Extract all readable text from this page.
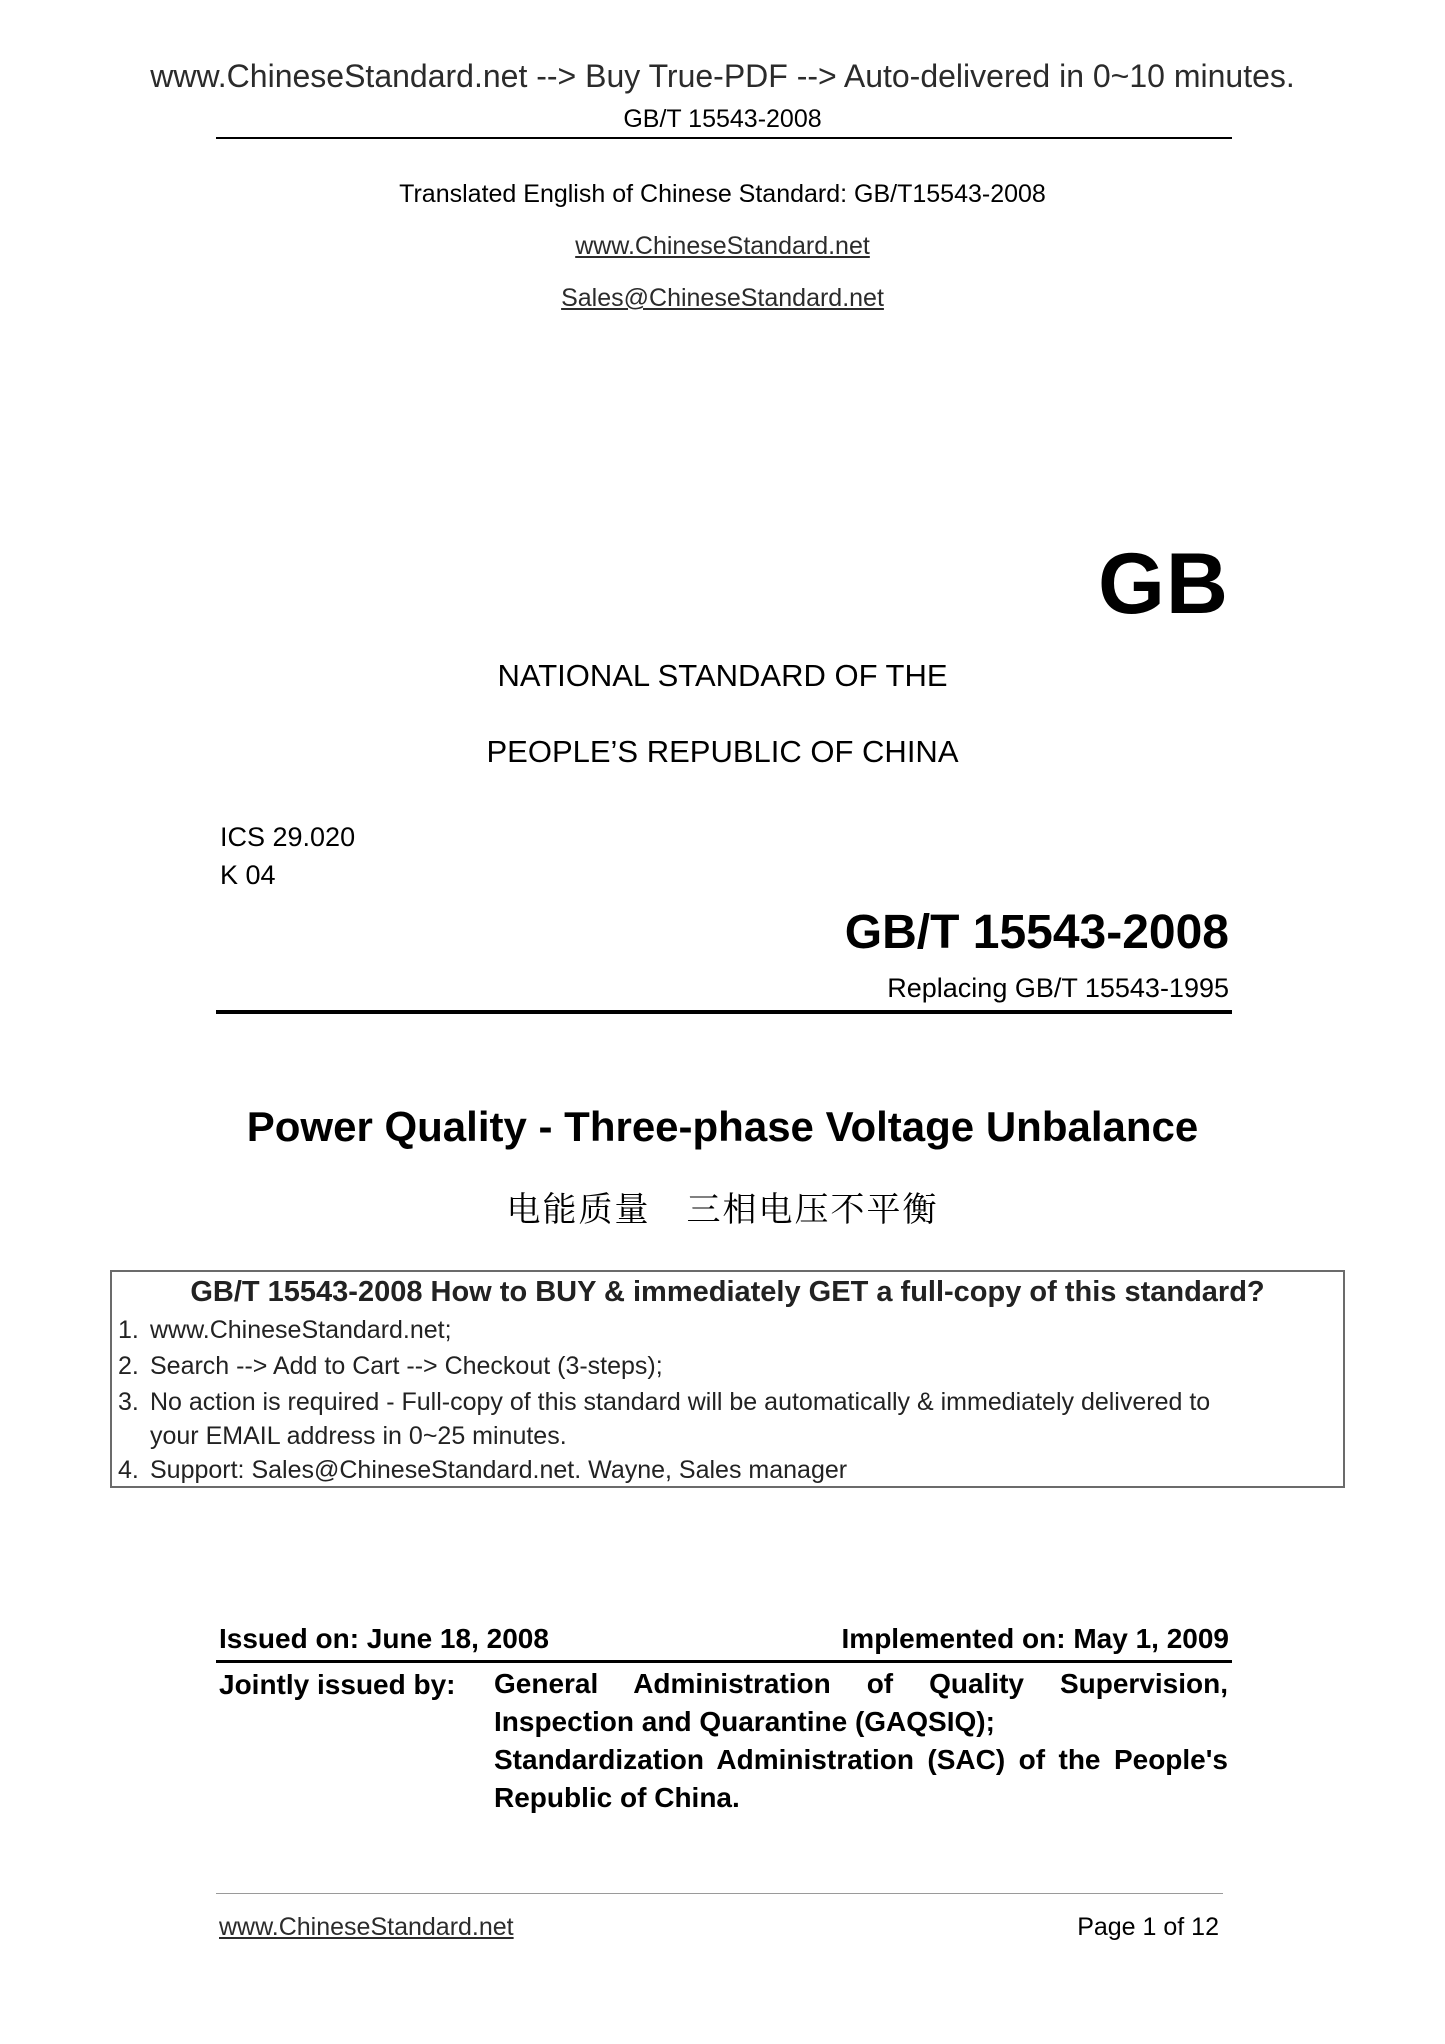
www.ChineseStandard.net --> Buy True-PDF --> Auto-delivered in 0~10 minutes.
GB/T 15543-2008
Translated English of Chinese Standard: GB/T15543-2008
www.ChineseStandard.net
Sales@ChineseStandard.net
GB
NATIONAL STANDARD OF THE
PEOPLE’S REPUBLIC OF CHINA
ICS 29.020
K 04
GB/T 15543-2008
Replacing GB/T 15543-1995
Power Quality - Three-phase Voltage Unbalance
电能质量　三相电压不平衡
GB/T 15543-2008 How to BUY & immediately GET a full-copy of this standard?
1. www.ChineseStandard.net;
2. Search --> Add to Cart --> Checkout (3-steps);
3. No action is required - Full-copy of this standard will be automatically & immediately delivered to
your EMAIL address in 0~25 minutes.
4. Support: Sales@ChineseStandard.net. Wayne, Sales manager
Issued on: June 18, 2008	Implemented on: May 1, 2009
Jointly issued by: General Administration of Quality Supervision,
Inspection and Quarantine (GAQSIQ);
Standardization Administration (SAC) of the People's
Republic of China.
www.ChineseStandard.net	Page 1 of 12
